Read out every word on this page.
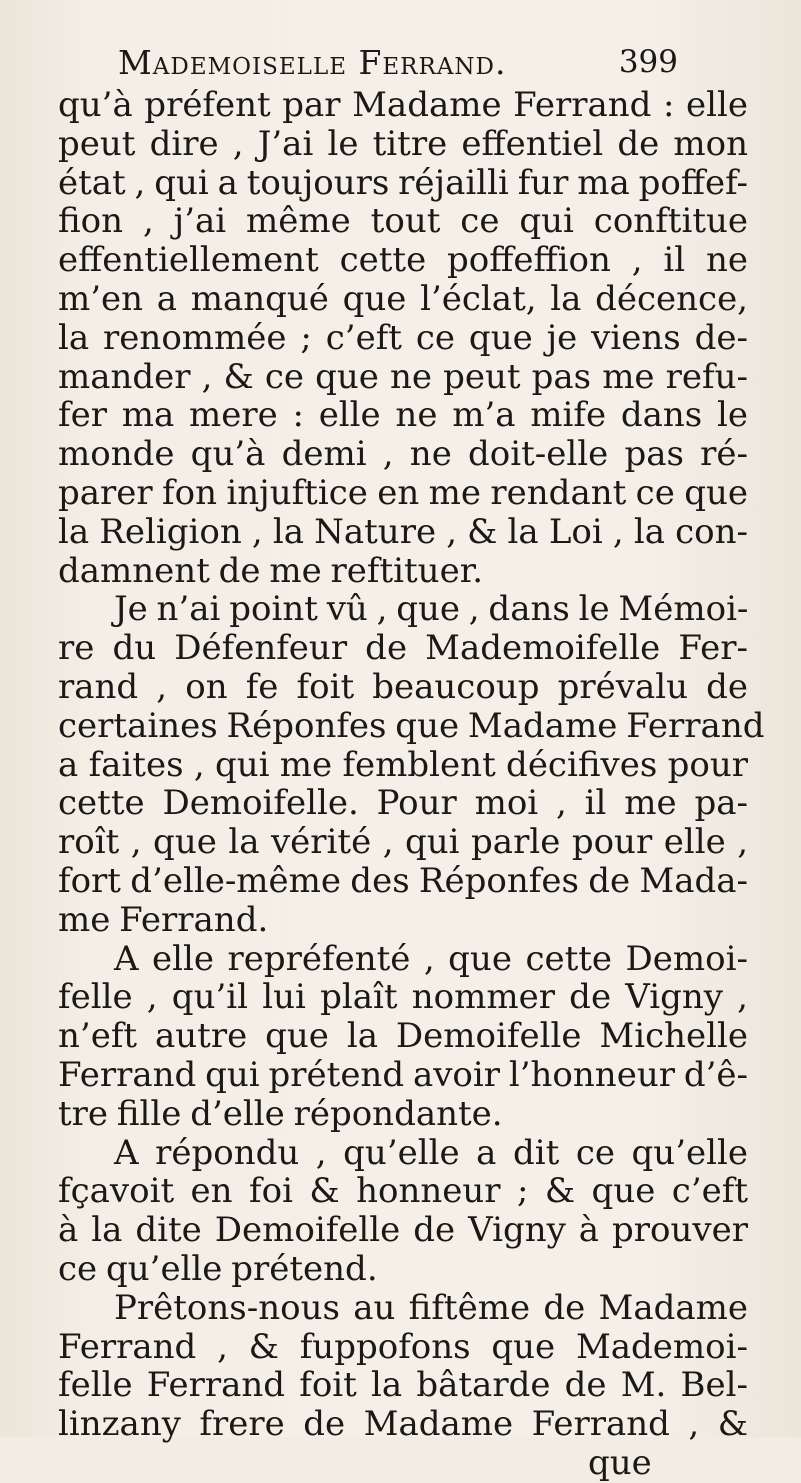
Mademoiselle Ferrand.	399
qu’à préfent par Madame Ferrand : elle
peut dire , J’ai le titre effentiel de mon
état , qui a toujours réjailli fur ma poffef-
fion , j’ai même tout ce qui conftitue
effentiellement cette poffeffion , il ne
m’en a manqué que l’éclat, la décence,
la renommée ; c’eft ce que je viens de-
mander , & ce que ne peut pas me refu-
fer ma mere : elle ne m’a mife dans le
monde qu’à demi , ne doit-elle pas ré-
parer fon injuftice en me rendant ce que
la Religion , la Nature , & la Loi , la con-
damnent de me reftituer.
Je n’ai point vû , que , dans le Mémoi-
re du Défenfeur de Mademoifelle Fer-
rand , on fe foit beaucoup prévalu de
certaines Réponfes que Madame Ferrand
a faites , qui me femblent décifives pour
cette Demoifelle. Pour moi , il me pa-
roît , que la vérité , qui parle pour elle ,
fort d’elle-même des Réponfes de Mada-
me Ferrand.
A elle repréfenté , que cette Demoi-
felle , qu’il lui plaît nommer de Vigny ,
n’eft autre que la Demoifelle Michelle
Ferrand qui prétend avoir l’honneur d’ê-
tre fille d’elle répondante.
A répondu , qu’elle a dit ce qu’elle
fçavoit en foi & honneur ; & que c’eft
à la dite Demoifelle de Vigny à prouver
ce qu’elle prétend.
Prêtons-nous au fiftême de Madame
Ferrand , & fuppofons que Mademoi-
felle Ferrand foit la bâtarde de M. Bel-
linzany frere de Madame Ferrand , &
que
